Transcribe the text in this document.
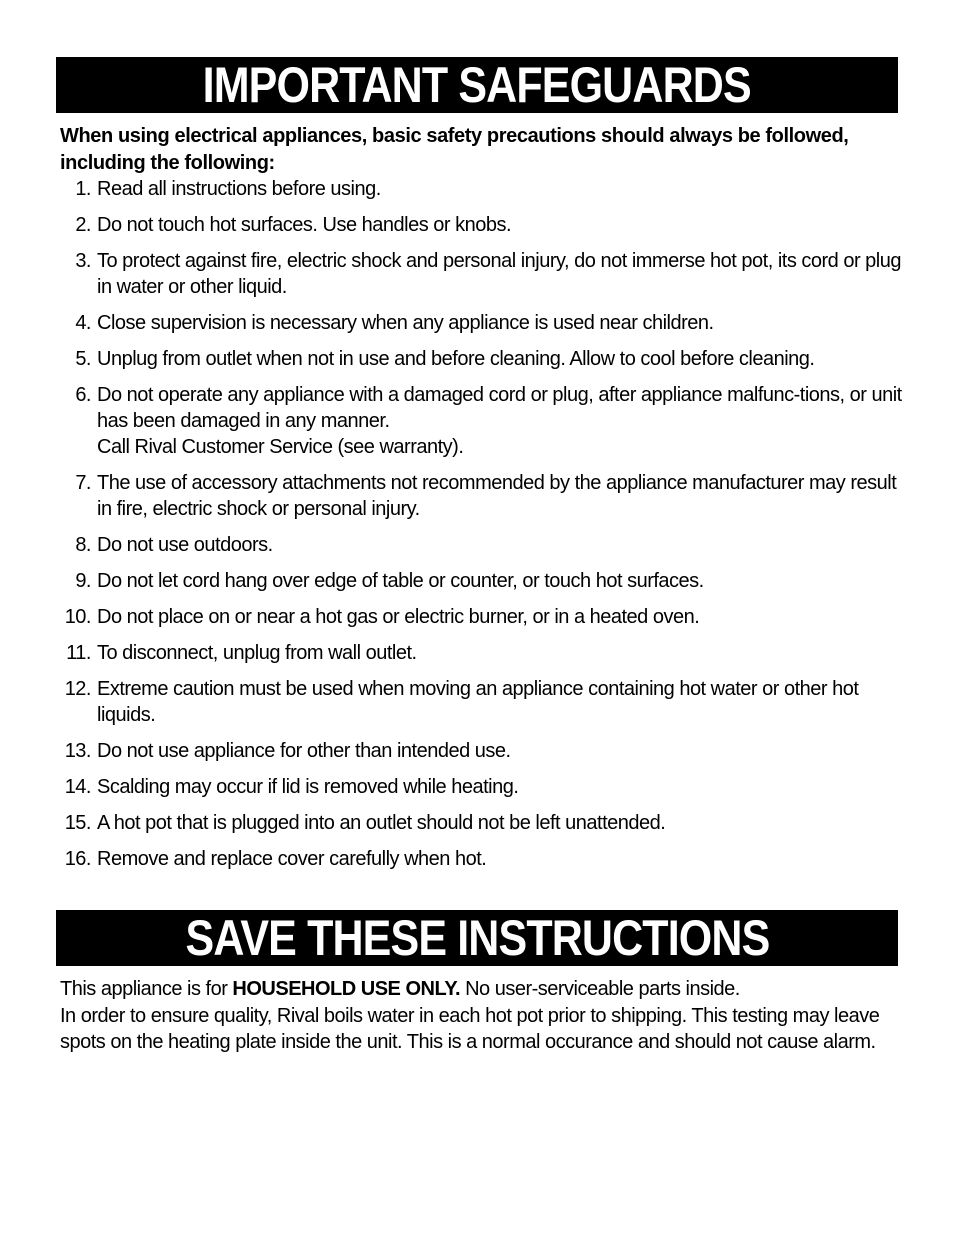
IMPORTANT SAFEGUARDS
When using electrical appliances, basic safety precautions should always be followed, including the following:
1. Read all instructions before using.
2. Do not touch hot surfaces. Use handles or knobs.
3. To protect against fire, electric shock and personal injury, do not immerse hot pot, its cord or plug in water or other liquid.
4. Close supervision is necessary when any appliance is used near children.
5. Unplug from outlet when not in use and before cleaning. Allow to cool before cleaning.
6. Do not operate any appliance with a damaged cord or plug, after appliance malfunc-tions, or unit has been damaged in any manner.
Call Rival Customer Service (see warranty).
7. The use of accessory attachments not recommended by the appliance manufacturer may result in fire, electric shock or personal injury.
8. Do not use outdoors.
9. Do not let cord hang over edge of table or counter, or touch hot surfaces.
10. Do not place on or near a hot gas or electric burner, or in a heated oven.
11. To disconnect, unplug from wall outlet.
12. Extreme caution must be used when moving an appliance containing hot water or other hot liquids.
13. Do not use appliance for other than intended use.
14. Scalding may occur if lid is removed while heating.
15. A hot pot that is plugged into an outlet should not be left unattended.
16. Remove and replace cover carefully when hot.
SAVE THESE INSTRUCTIONS

This appliance is for HOUSEHOLD USE ONLY. No user-serviceable parts inside.

In order to ensure quality, Rival boils water in each hot pot prior to shipping. This testing may leave spots on the heating plate inside the unit. This is a normal occurance and should not cause alarm.
